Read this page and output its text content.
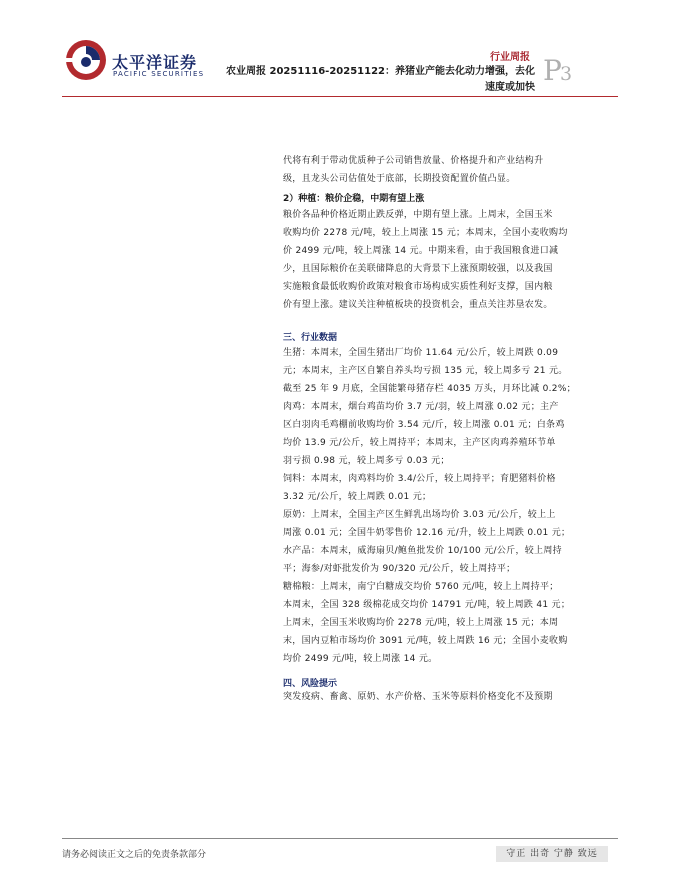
太平洋证券
PACIFIC SECURITIES
行业周报
农业周报 20251116-20251122：养猪业产能去化动力增强，去化
速度或加快
P
3

代将有利于带动优质种子公司销售放量、价格提升和产业结构升

级，且龙头公司估值处于底部，长期投资配置价值凸显。

2）种植：粮价企稳，中期有望上涨

粮价各品种价格近期止跌反弹，中期有望上涨。上周末，全国玉米

收购均价 2278 元/吨，较上上周涨 15 元；本周末，全国小麦收购均

价 2499 元/吨，较上周涨 14 元。中期来看，由于我国粮食进口减

少，且国际粮价在美联储降息的大背景下上涨预期较强，以及我国

实施粮食最低收购价政策对粮食市场构成实质性利好支撑，国内粮

价有望上涨。建议关注种植板块的投资机会，重点关注苏垦农发。

三、行业数据

生猪：本周末，全国生猪出厂均价 11.64 元/公斤，较上周跌 0.09

元；本周末，主产区自繁自养头均亏损 135 元，较上周多亏 21 元。

截至 25 年 9 月底，全国能繁母猪存栏 4035 万头，月环比减 0.2%；

肉鸡：本周末，烟台鸡苗均价 3.7 元/羽，较上周涨 0.02 元；主产

区白羽肉毛鸡棚前收购均价 3.54 元/斤，较上周涨 0.01 元；白条鸡

均价 13.9 元/公斤，较上周持平；本周末，主产区肉鸡养殖环节单

羽亏损 0.98 元，较上周多亏 0.03 元；

饲料：本周末，肉鸡料均价 3.4/公斤，较上周持平；育肥猪料价格

3.32 元/公斤，较上周跌 0.01 元；

原奶：上周末，全国主产区生鲜乳出场均价 3.03 元/公斤，较上上

周涨 0.01 元；全国牛奶零售价 12.16 元/升，较上上周跌 0.01 元；

水产品：本周末，威海扇贝/鲍鱼批发价 10/100 元/公斤，较上周持

平；海参/对虾批发价为 90/320 元/公斤，较上周持平；

糖棉粮：上周末，南宁白糖成交均价 5760 元/吨，较上上周持平；

本周末，全国 328 级棉花成交均价 14791 元/吨，较上周跌 41 元；

上周末，全国玉米收购均价 2278 元/吨，较上上周涨 15 元；本周

末，国内豆粕市场均价 3091 元/吨，较上周跌 16 元；全国小麦收购

均价 2499 元/吨，较上周涨 14 元。

四、风险提示

突发疫病、畜禽、原奶、水产价格、玉米等原料价格变化不及预期

请务必阅读正文之后的免责条款部分	守正 出奇 宁静 致远
